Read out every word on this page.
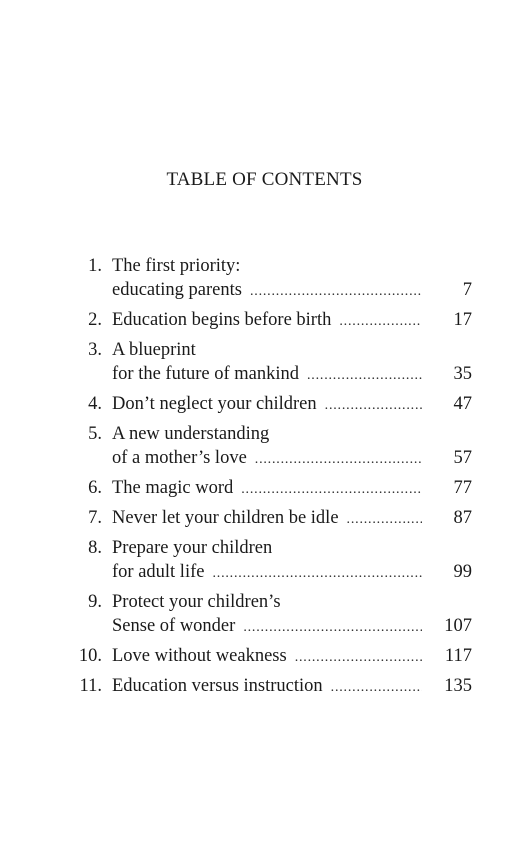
TABLE OF CONTENTS
1. The first priority:
educating parents .....	7
2. Education begins before birth .....	17
3. A blueprint
for the future of mankind .....	35
4. Don’t neglect your children .....	47
5. A new understanding
of a mother’s love .....	57
6. The magic word .....	77
7. Never let your children be idle .....	87
8. Prepare your children
for adult life .....	99
9. Protect your children’s
Sense of wonder .....	107
10. Love without weakness .....	117
11. Education versus instruction .....	135
